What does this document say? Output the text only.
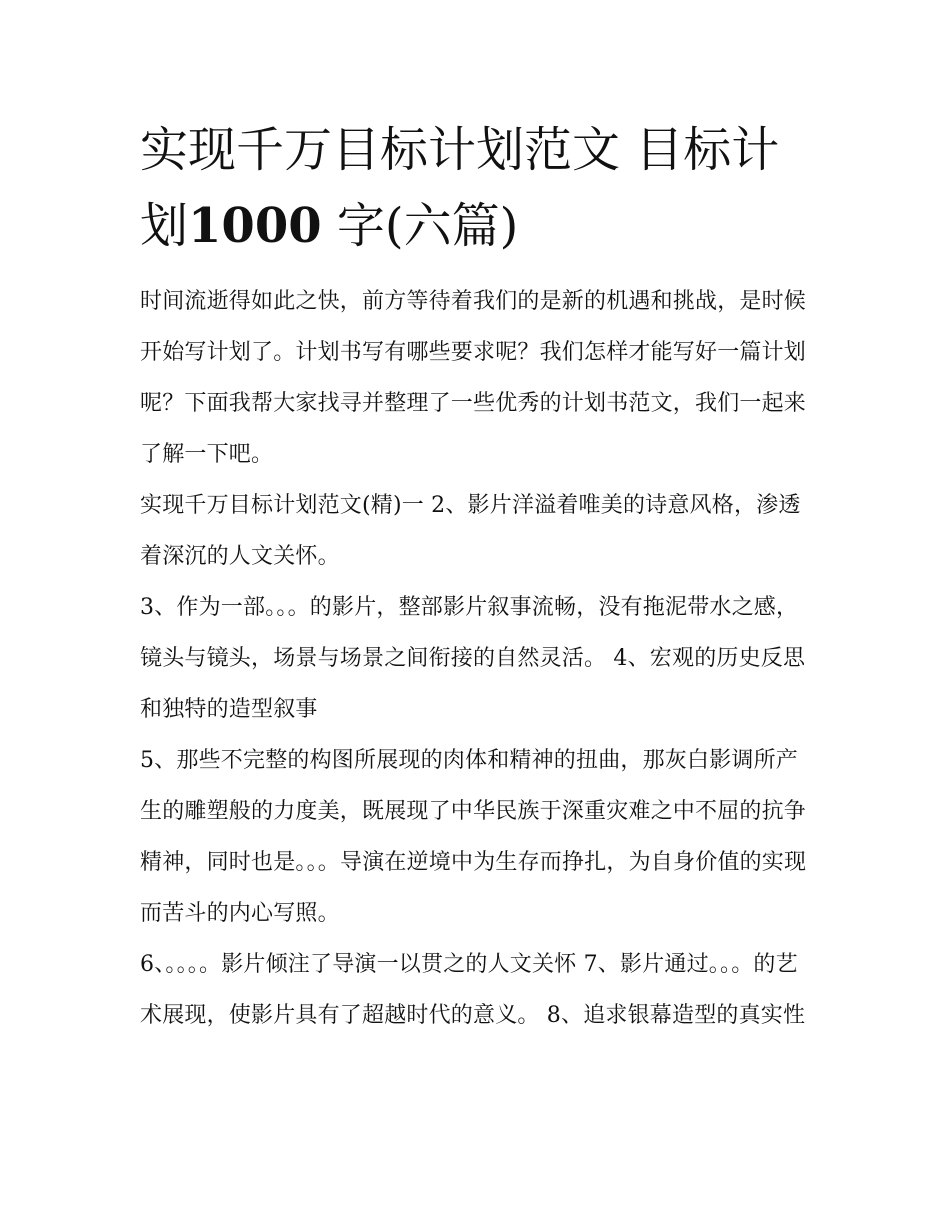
实现千万目标计划范文 目标计划1000 字(六篇)

时间流逝得如此之快，前方等待着我们的是新的机遇和挑战，是时候开始写计划了。计划书写有哪些要求呢？我们怎样才能写好一篇计划呢？下面我帮大家找寻并整理了一些优秀的计划书范文，我们一起来了解一下吧。

实现千万目标计划范文(精)一 2、影片洋溢着唯美的诗意风格，渗透着深沉的人文关怀。

3、作为一部。。。的影片，整部影片叙事流畅，没有拖泥带水之感，镜头与镜头，场景与场景之间衔接的自然灵活。 4、宏观的历史反思和独特的造型叙事

5、那些不完整的构图所展现的肉体和精神的扭曲，那灰白影调所产生的雕塑般的力度美，既展现了中华民族于深重灾难之中不屈的抗争精神，同时也是。。。导演在逆境中为生存而挣扎，为自身价值的实现而苦斗的内心写照。

6、。。。。影片倾注了导演一以贯之的人文关怀 7、影片通过。。。的艺术展现，使影片具有了超越时代的意义。 8、追求银幕造型的真实性
